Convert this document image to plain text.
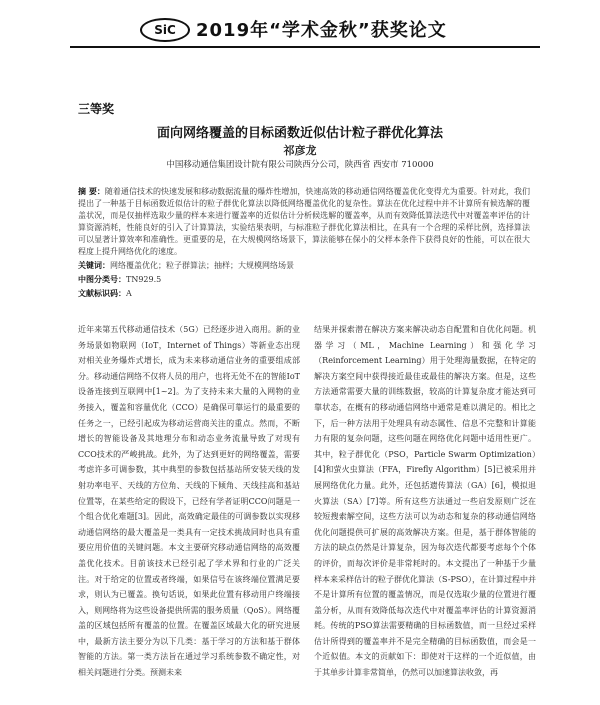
SiC	2019年“学术金秋”获奖论文
三等奖
面向网络覆盖的目标函数近似估计粒子群优化算法
祁彦龙
中国移动通信集团设计院有限公司陕西分公司，陕西省 西安市 710000
摘 要：随着通信技术的快速发展和移动数据流量的爆炸性增加，快速高效的移动通信网络覆盖优化变得尤为重要。针对此，我们提出了一种基于目标函数近似估计的粒子群优化算法以降低网络覆盖优化的复杂性。算法在优化过程中并不计算所有候选解的覆盖状况，而是仅抽样选取少量的样本来进行覆盖率的近似估计分析候选解的覆盖率，从而有效降低算法迭代中对覆盖率评估的计算资源消耗，性能良好的引入了计算算法，实验结果表明，与标准粒子群优化算法相比，在具有一个合理的采样比例，选择算法可以显著计算效率和准确性。更重要的是，在大规模网络场景下，算法能够在保小的父样本条件下获得良好的性能，可以在很大程度上提升网络优化的速度。
关键词：网络覆盖优化；粒子群算法；抽样；大规模网络场景
中图分类号：TN929.5
文献标识码：A
近年来第五代移动通信技术（5G）已经逐步进入商用。新的业务场景如物联网（IoT，Internet of Things）等新业态出现对相关业务爆炸式增长，成为未来移动通信业务的重要组成部分。移动通信网络不仅将人员的用户，也将无处不在的智能IoT设备连接到互联网中[1~2]。为了支持未来大量的入网物的业务接入，覆盖和容量优化（CCO）是确保可靠运行的最重要的任务之一，已经引起成为移动运营商关注的重点。然而，不断增长的智能设备及其地理分布和动态业务流量导致了对现有CCO技术的严峻挑战。此外，为了达到更好的网络覆盖，需要考虑许多可调参数，其中典型的参数包括基站所安装天线的发射功率电平、天线的方位角、天线的下倾角、天线挂高和基站位置等，在某些给定的假设下，已经有学者证明CCO问题是一个组合优化难题[3]。因此，高效确定最佳的可调参数以实现移动通信网络的最大覆盖是一类具有一定技术挑战同时也具有重要应用价值的关键问题。本文主要研究移动通信网络的高效覆盖优化技术。目前该技术已经引起了学术界和行业的广泛关注。对于给定的位置或者终端，如果信号在该终端位置满足要求，则认为已覆盖。换句话说，如果此位置有移动用户终端接入，则网络将为这些设备提供所需的服务质量（QoS）。网络覆盖的区域包括所有覆盖的位置。在覆盖区域最大化的研究进展中，最新方法主要分为以下几类：基于学习的方法和基于群体智能的方法。第一类方法旨在通过学习系统参数不确定性，对相关问题进行分类。预测未来
结果并探索潜在解决方案来解决动态自配置和自优化问题。机器学习（ML，Machine Learning）和强化学习（Reinforcement Learning）用于处理海量数据，在特定的解决方案空间中获得接近最佳或最佳的解决方案。但是，这些方法通常需要大量的训练数据，较高的计算复杂度才能达到可靠状态，在概有的移动通信网络中通常是难以满足的。相比之下，后一种方法用于处理具有动态属性、信息不完整和计算能力有限的复杂问题，这些问题在网络优化问题中适用性更广。其中，粒子群优化（PSO，Particle Swarm Optimization）[4]和萤火虫算法（FFA，Firefly Algorithm）[5]已被采用并展网络优化力量。此外，还包括遗传算法（GA）[6]，模拟退火算法（SA）[7]等。所有这些方法通过一些启发原则广泛在较短搜索解空间，这些方法可以为动态和复杂的移动通信网络优化问题提供可扩展的高效解决方案。但是，基于群体智能的方法的缺点仍然是计算复杂，因为每次迭代都要考虑每个个体的评价，而每次评价是非常耗时的。本文提出了一种基于少量样本来采样估计的粒子群优化算法（S-PSO），在计算过程中并不是计算所有位置的覆盖情况，而是仅选取少量的位置进行覆盖分析，从而有效降低每次迭代中对覆盖率评估的计算资源消耗。传统的PSO算法需要精确的目标函数值，而一旦经过采样估计所得到的覆盖率并不是完全精确的目标函数值，而会是一个近似值。本文的贡献如下：即使对于这样的一个近似值，由于其单步计算非常简单，仍然可以加速算法收敛，再
